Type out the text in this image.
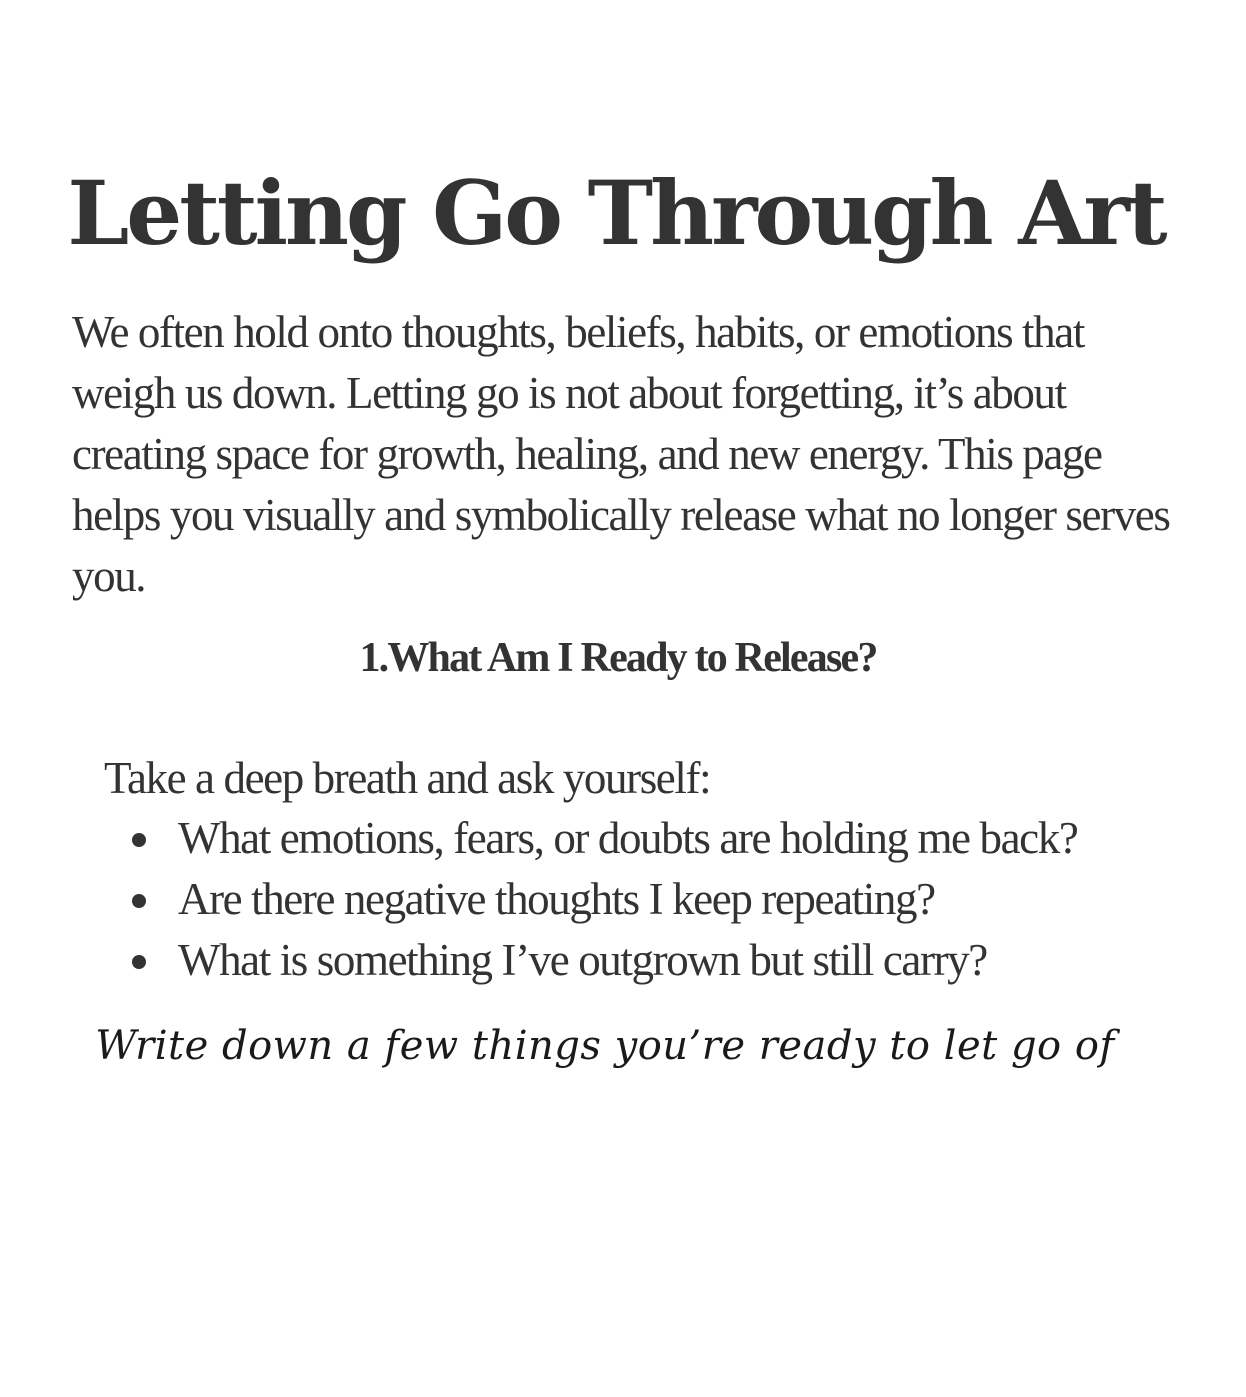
Letting Go Through Art

We often hold onto thoughts, beliefs, habits, or emotions that weigh us down. Letting go is not about forgetting, it’s about creating space for growth, healing, and new energy. This page helps you visually and symbolically release what no longer serves you.

1.What Am I Ready to Release?

Take a deep breath and ask yourself:

What emotions, fears, or doubts are holding me back?
Are there negative thoughts I keep repeating?
What is something I’ve outgrown but still carry?

Write down a few things you’re ready to let go of
